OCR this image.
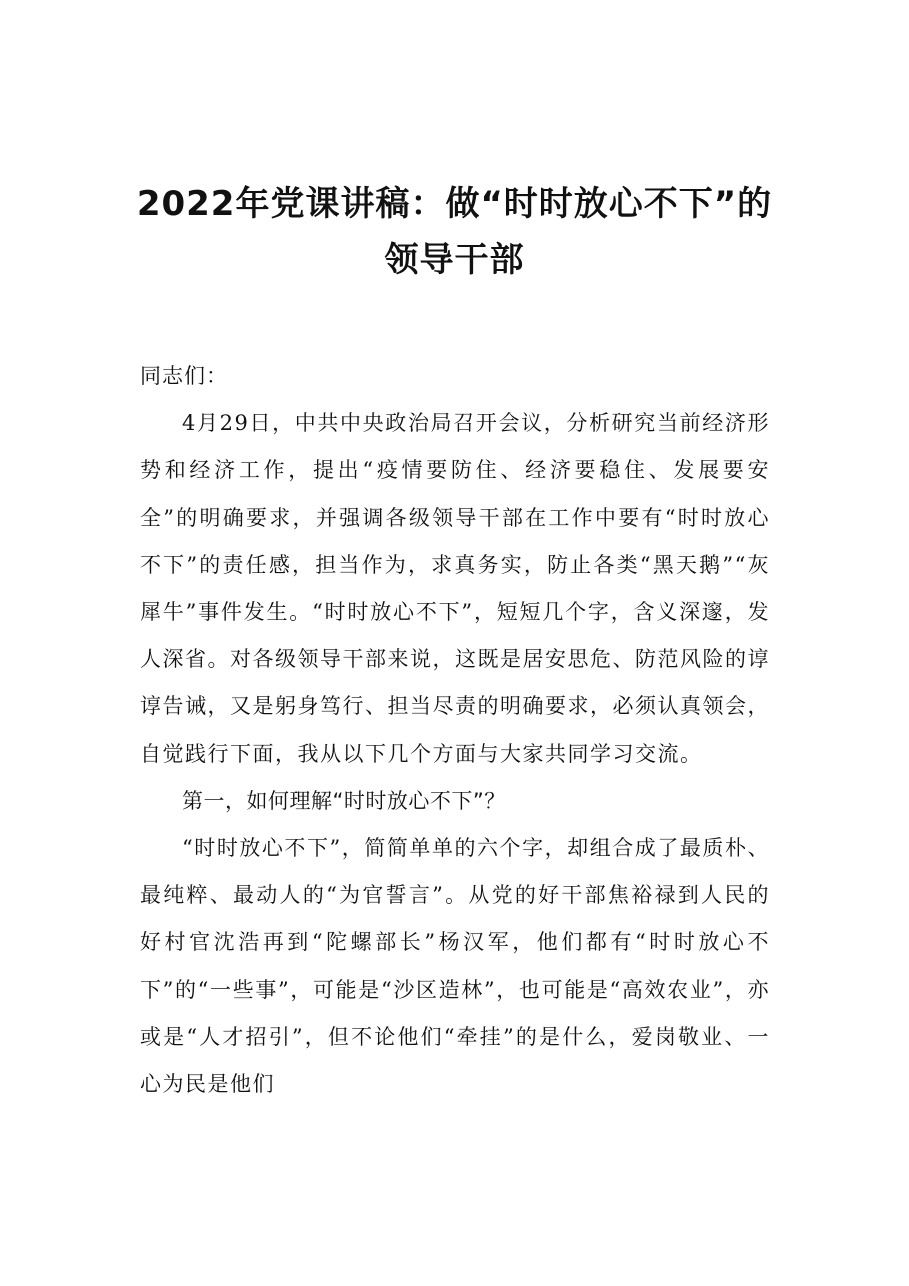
2022年党课讲稿：做“时时放心不下”的
领导干部

同志们：

4月29日，中共中央政治局召开会议，分析研究当前经济形势和经济工作，提出“疫情要防住、经济要稳住、发展要安全”的明确要求，并强调各级领导干部在工作中要有“时时放心不下”的责任感，担当作为，求真务实，防止各类“黑天鹅”“灰犀牛”事件发生。“时时放心不下”，短短几个字，含义深邃，发人深省。对各级领导干部来说，这既是居安思危、防范风险的谆谆告诫，又是躬身笃行、担当尽责的明确要求，必须认真领会，自觉践行下面，我从以下几个方面与大家共同学习交流。

第一，如何理解“时时放心不下”？

“时时放心不下”，简简单单的六个字，却组合成了最质朴、最纯粹、最动人的“为官誓言”。从党的好干部焦裕禄到人民的好村官沈浩再到“陀螺部长”杨汉军，他们都有“时时放心不下”的“一些事”，可能是“沙区造林”，也可能是“高效农业”，亦或是“人才招引”，但不论他们“牵挂”的是什么，爱岗敬业、一心为民是他们
